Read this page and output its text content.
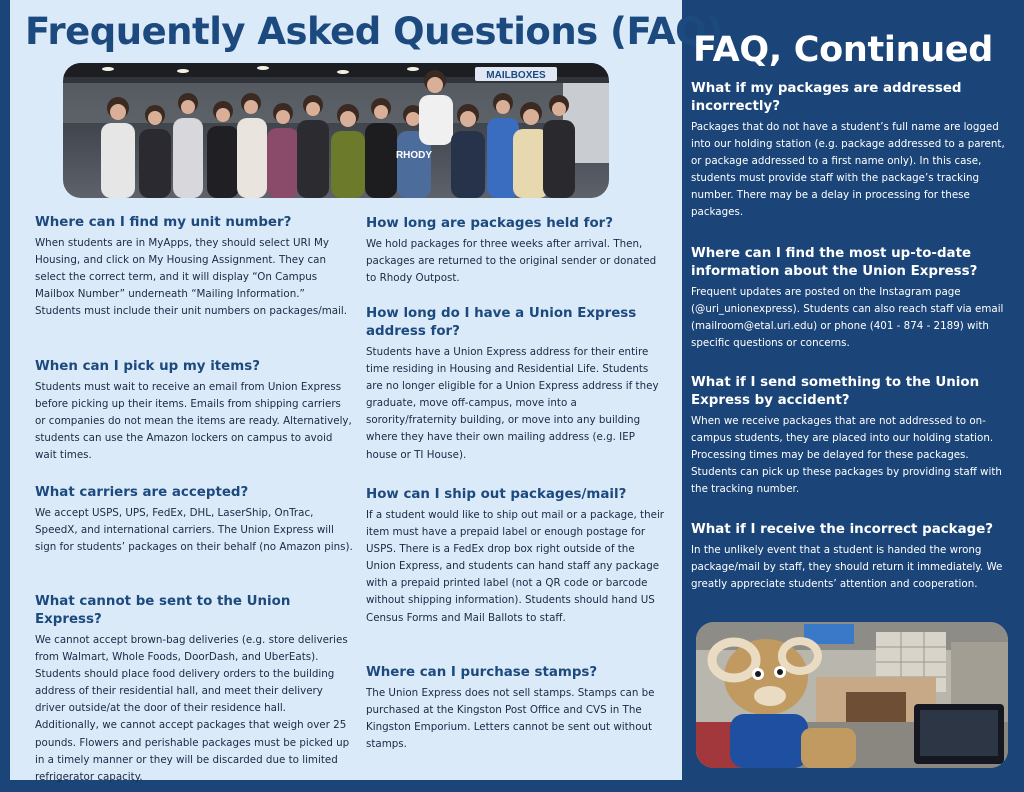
Frequently Asked Questions (FAQ)
MAILBOXES
RHODY
Where can I find my unit number?

When students are in MyApps, they should select URI My Housing, and click on My Housing Assignment. They can select the correct term, and it will display “On Campus Mailbox Number” underneath “Mailing Information.” Students must include their unit numbers on packages/mail.

When can I pick up my items?

Students must wait to receive an email from Union Express before picking up their items. Emails from shipping carriers or companies do not mean the items are ready. Alternatively, students can use the Amazon lockers on campus to avoid wait times.

What carriers are accepted?

We accept USPS, UPS, FedEx, DHL, LaserShip, OnTrac, SpeedX, and international carriers. The Union Express will sign for students’ packages on their behalf (no Amazon pins).

What cannot be sent to the Union Express?

We cannot accept brown-bag deliveries (e.g. store deliveries from Walmart, Whole Foods, DoorDash, and UberEats). Students should place food delivery orders to the building address of their residential hall, and meet their delivery driver outside/at the door of their residence hall. Additionally, we cannot accept packages that weigh over 25 pounds. Flowers and perishable packages must be picked up in a timely manner or they will be discarded due to limited refrigerator capacity.

How long are packages held for?

We hold packages for three weeks after arrival. Then, packages are returned to the original sender or donated to Rhody Outpost.

How long do I have a Union Express address for?

Students have a Union Express address for their entire time residing in Housing and Residential Life. Students are no longer eligible for a Union Express address if they graduate, move off-campus, move into a sorority/fraternity building, or move into any building where they have their own mailing address (e.g. IEP house or TI House).

How can I ship out packages/mail?

If a student would like to ship out mail or a package, their item must have a prepaid label or enough postage for USPS. There is a FedEx drop box right outside of the Union Express, and students can hand staff any package with a prepaid printed label (not a QR code or barcode without shipping information). Students should hand US Census Forms and Mail Ballots to staff.

Where can I purchase stamps?

The Union Express does not sell stamps. Stamps can be purchased at the Kingston Post Office and CVS in The Kingston Emporium. Letters cannot be sent out without stamps.

FAQ, Continued
What if my packages are addressed incorrectly?

Packages that do not have a student’s full name are logged into our holding station (e.g. package addressed to a parent, or package addressed to a first name only). In this case, students must provide staff with the package’s tracking number. There may be a delay in processing for these packages.

Where can I find the most up-to-date information about the Union Express?

Frequent updates are posted on the Instagram page (@uri_unionexpress). Students can also reach staff via email (mailroom@etal.uri.edu) or phone (401 - 874 - 2189) with specific questions or concerns.

What if I send something to the Union Express by accident?

When we receive packages that are not addressed to on-campus students, they are placed into our holding station. Processing times may be delayed for these packages. Students can pick up these packages by providing staff with the tracking number.

What if I receive the incorrect package?

In the unlikely event that a student is handed the wrong package/mail by staff, they should return it immediately. We greatly appreciate students’ attention and cooperation.
